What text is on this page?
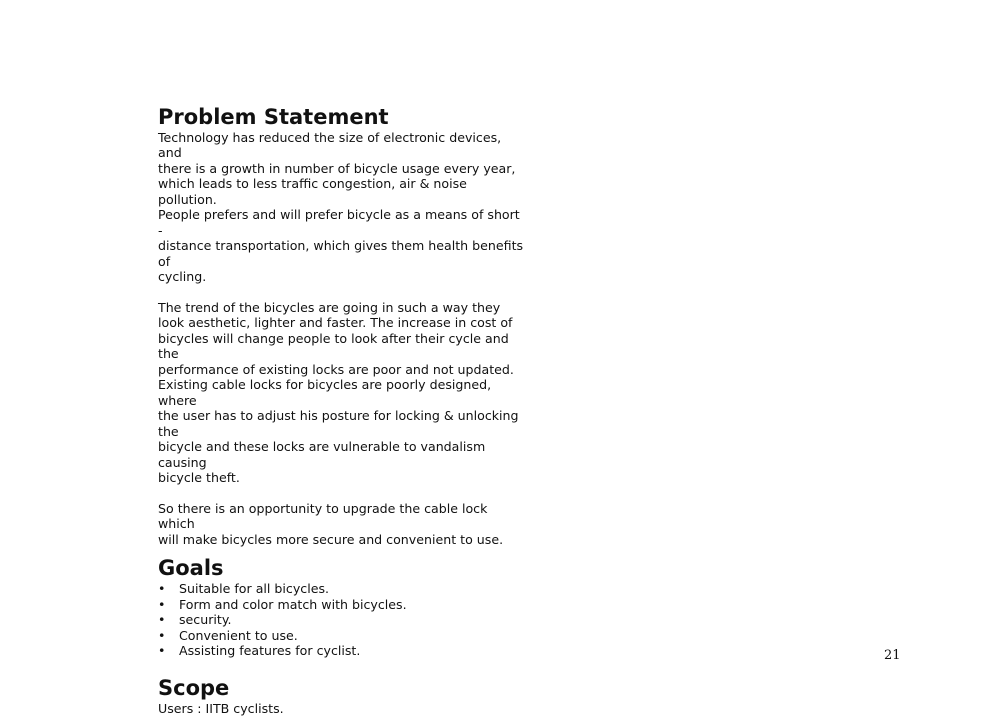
Problem Statement

Technology has reduced the size of electronic devices, and
there is a growth in number of bicycle usage every year,
which leads to less traffic congestion, air & noise pollution.
People prefers and will prefer bicycle as a means of short -
distance transportation, which gives them health benefits of
cycling.

The trend of the bicycles are going in such a way they
look aesthetic, lighter and faster. The increase in cost of
bicycles will change people to look after their cycle and the
performance of existing locks are poor and not updated.
Existing cable locks for bicycles are poorly designed, where
the user has to adjust his posture for locking & unlocking the
bicycle and these locks are vulnerable to vandalism causing
bicycle theft.

So there is an opportunity to upgrade the cable lock which
will make bicycles more secure and convenient to use.

Goals
• Suitable for all bicycles.
• Form and color match with bicycles.
• security.
• Convenient to use.
• Assisting features for cyclist.
Scope

Users : IITB cyclists.

21
